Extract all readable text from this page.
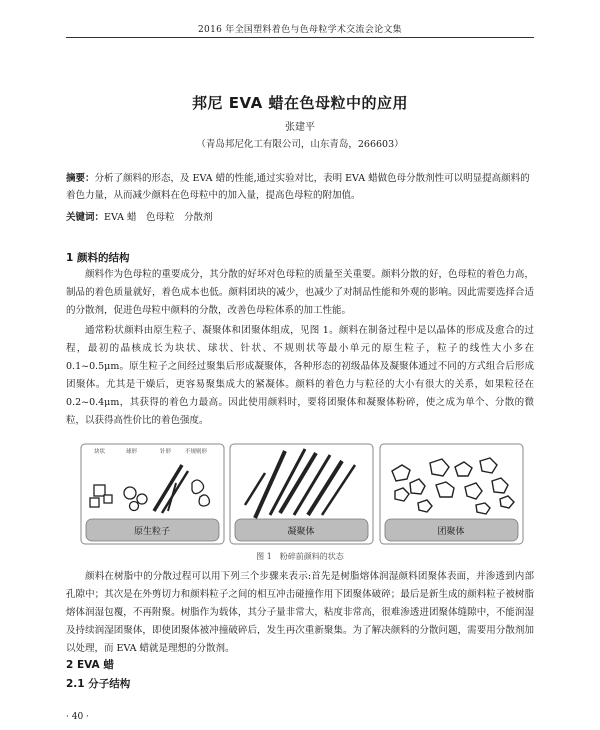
2016 年全国塑料着色与色母粒学术交流会论文集
邦尼 EVA 蜡在色母粒中的应用
张建平
（青岛邦尼化工有限公司，山东青岛，266603）
摘要：分析了颜料的形态，及 EVA 蜡的性能,通过实验对比，表明 EVA 蜡做色母分散剂性可以明显提高颜料的着色力量，从而减少颜料在色母粒中的加入量，提高色母粒的附加值。
关键词：EVA 蜡　色母粒　分散剂
1 颜料的结构

颜料作为色母粒的重要成分，其分散的好坏对色母粒的质量至关重要。颜料分散的好，色母粒的着色力高，制品的着色质量就好，着色成本也低。颜料团块的减少，也减少了对制品性能和外观的影响。因此需要选择合适的分散剂，促进色母粒中颜料的分散，改善色母粒体系的加工性能。

通常粉状颜料由原生粒子、凝聚体和团聚体组成，见图 1。颜料在制备过程中是以晶体的形成及愈合的过程，最初的晶核成长为块状、球状、针状、不规则状等最小单元的原生粒子，粒子的线性大小多在 0.1~0.5μm。原生粒子之间经过聚集后形成凝聚体，各种形态的初级晶体及凝聚体通过不同的方式组合后形成团聚体。尤其是干燥后，更容易聚集成大的紧凝体。颜料的着色力与粒径的大小有很大的关系，如果粒径在 0.2~0.4μm，其获得的着色力最高。因此使用颜料时，要将团聚体和凝聚体粉碎，使之成为单个、分散的微粒，以获得高性价比的着色强度。

块状	球形	针形	不规则形
原生粒子	凝聚体	团聚体
图 1　粉碎前颜料的状态

颜料在树脂中的分散过程可以用下列三个步骤来表示:首先是树脂熔体润湿颜料团聚体表面，并渗透到内部孔隙中；其次是在外剪切力和颜料粒子之间的相互冲击碰撞作用下团聚体破碎；最后是新生成的颜料粒子被树脂熔体润湿包覆，不再附聚。树脂作为载体，其分子量非常大，粘度非常高，很难渗透进团聚体缝隙中，不能润湿及持续润湿团聚体，即使团聚体被冲撞破碎后，发生再次重新聚集。为了解决颜料的分散问题，需要用分散剂加以处理，而 EVA 蜡就是理想的分散剂。

2 EVA 蜡
2.1 分子结构
· 40 ·
